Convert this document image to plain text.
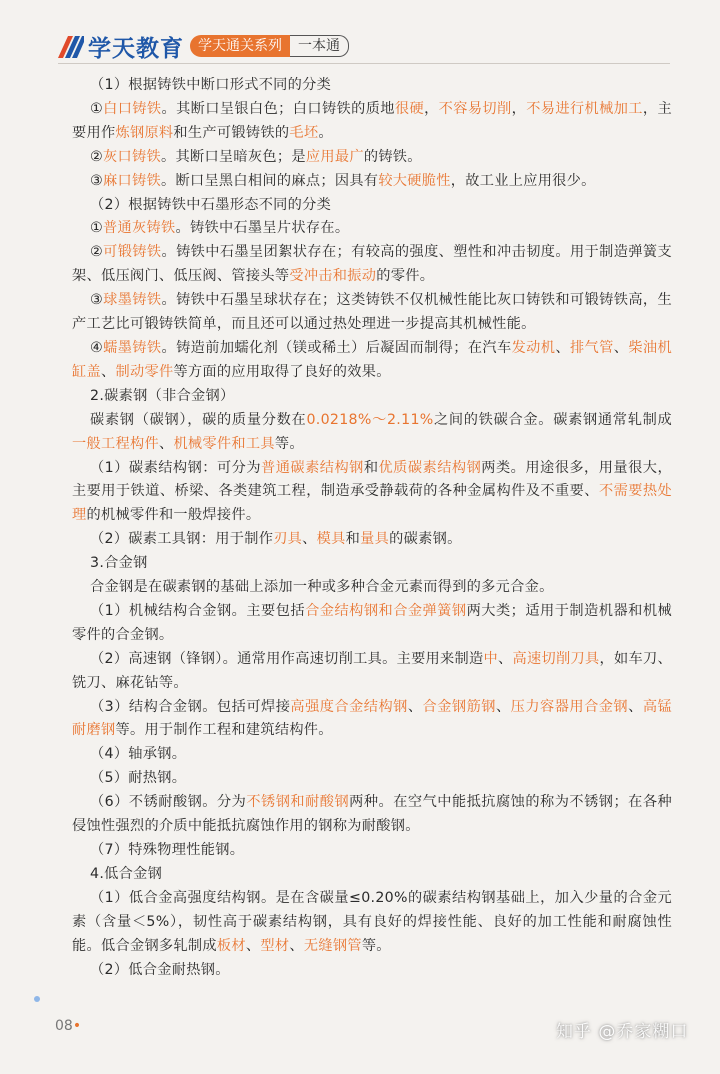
学天教育	学天通关系列	一本通

（1）根据铸铁中断口形式不同的分类

①白口铸铁。其断口呈银白色；白口铸铁的质地很硬，不容易切削，不易进行机械加工，主要用作炼钢原料和生产可锻铸铁的毛坯。

②灰口铸铁。其断口呈暗灰色；是应用最广的铸铁。

③麻口铸铁。断口呈黑白相间的麻点；因具有较大硬脆性，故工业上应用很少。

（2）根据铸铁中石墨形态不同的分类

①普通灰铸铁。铸铁中石墨呈片状存在。

②可锻铸铁。铸铁中石墨呈团絮状存在；有较高的强度、塑性和冲击韧度。用于制造弹簧支架、低压阀门、低压阀、管接头等受冲击和振动的零件。

③球墨铸铁。铸铁中石墨呈球状存在；这类铸铁不仅机械性能比灰口铸铁和可锻铸铁高，生产工艺比可锻铸铁简单，而且还可以通过热处理进一步提高其机械性能。

④蠕墨铸铁。铸造前加蠕化剂（镁或稀土）后凝固而制得；在汽车发动机、排气管、柴油机缸盖、制动零件等方面的应用取得了良好的效果。

2.碳素钢（非合金钢）

碳素钢（碳钢），碳的质量分数在0.0218%～2.11%之间的铁碳合金。碳素钢通常轧制成一般工程构件、机械零件和工具等。

（1）碳素结构钢：可分为普通碳素结构钢和优质碳素结构钢两类。用途很多，用量很大，主要用于铁道、桥梁、各类建筑工程，制造承受静载荷的各种金属构件及不重要、不需要热处理的机械零件和一般焊接件。

（2）碳素工具钢：用于制作刃具、模具和量具的碳素钢。

3.合金钢

合金钢是在碳素钢的基础上添加一种或多种合金元素而得到的多元合金。

（1）机械结构合金钢。主要包括合金结构钢和合金弹簧钢两大类；适用于制造机器和机械零件的合金钢。

（2）高速钢（锋钢）。通常用作高速切削工具。主要用来制造中、高速切削刀具，如车刀、铣刀、麻花钻等。

（3）结构合金钢。包括可焊接高强度合金结构钢、合金钢筋钢、压力容器用合金钢、高锰耐磨钢等。用于制作工程和建筑结构件。

（4）轴承钢。

（5）耐热钢。

（6）不锈耐酸钢。分为不锈钢和耐酸钢两种。在空气中能抵抗腐蚀的称为不锈钢；在各种侵蚀性强烈的介质中能抵抗腐蚀作用的钢称为耐酸钢。

（7）特殊物理性能钢。

4.低合金钢

（1）低合金高强度结构钢。是在含碳量≤0.20%的碳素结构钢基础上，加入少量的合金元素（含量＜5%），韧性高于碳素结构钢，具有良好的焊接性能、良好的加工性能和耐腐蚀性能。低合金钢多轧制成板材、型材、无缝钢管等。

（2）低合金耐热钢。

08•	知乎 @乔家糊口
